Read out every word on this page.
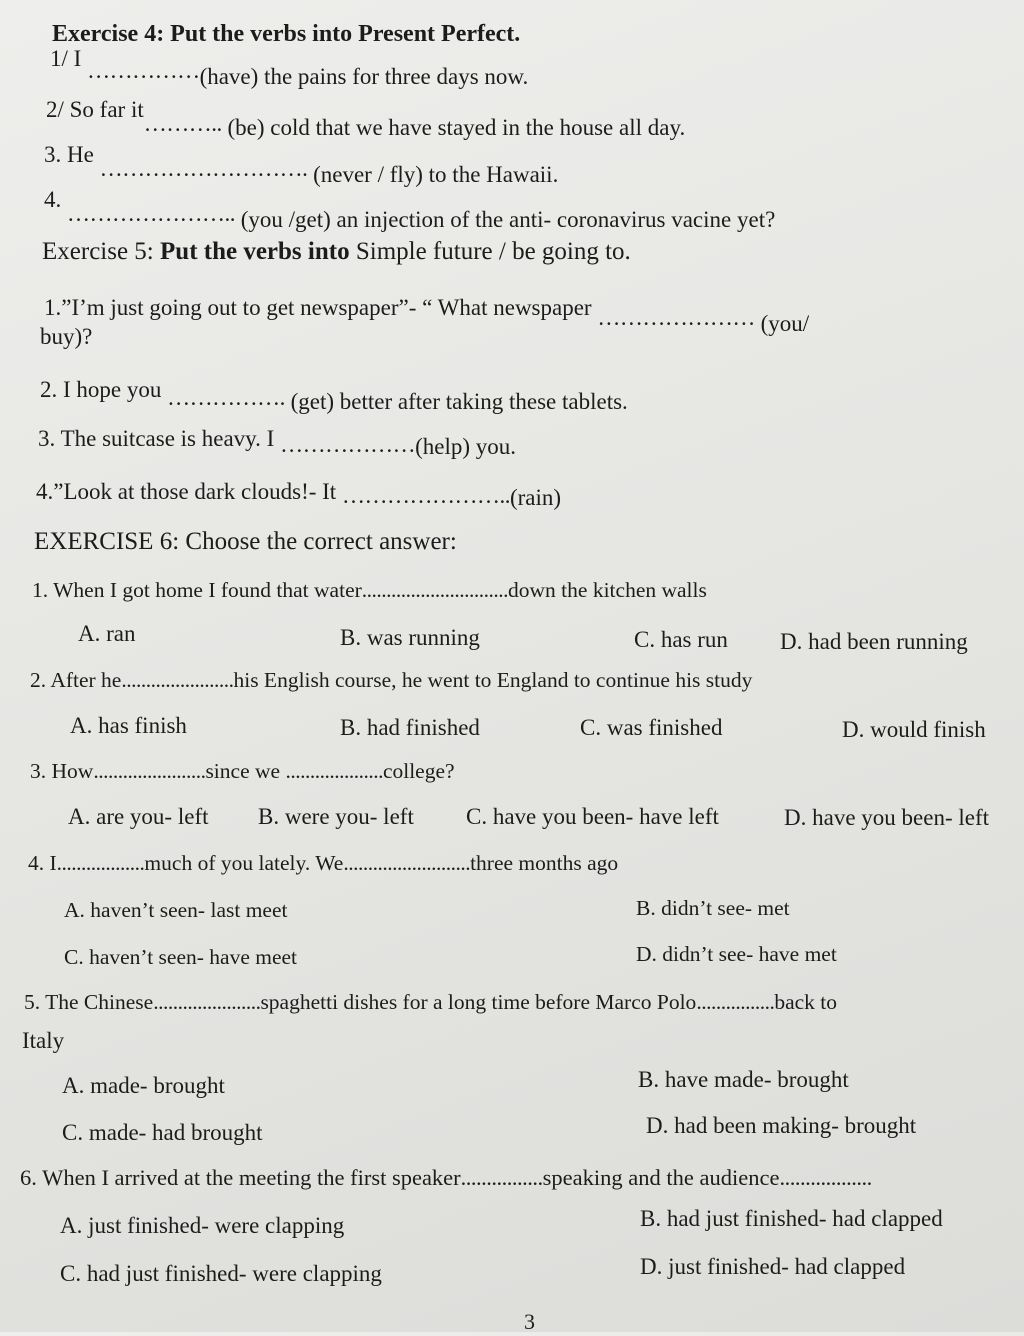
Exercise 4: Put the verbs into Present Perfect.
1/ I ……………(have) the pains for three days now.
2/ So far it……….. (be) cold that we have stayed in the house all day.
3. He ………………………. (never / fly) to the Hawaii.
4. ………………….. (you /get) an injection of the anti- coronavirus vacine yet?
Exercise 5: Put the verbs into Simple future / be going to.
1.”I’m just going out to get newspaper”- “ What newspaper ………………… (you/
buy)?
2. I hope you ……………. (get) better after taking these tablets.
3. The suitcase is heavy. I ………………(help) you.
4.”Look at those dark clouds!- It …………………..(rain)
EXERCISE 6: Choose the correct answer:
1. When I got home I found that water..............................down the kitchen walls
A. ran	B. was running	C. has run D. had been running
2. After he.......................his English course, he went to England to continue his study
A. has finish	B. had finished	C. was finished	D. would finish
3. How.......................since we ....................college?
A. are you- left B. were you- left C. have you been- have left	D. have you been- left
4. I..................much of you lately. We..........................three months ago
A. haven’t seen- last meet	B. didn’t see- met
C. haven’t seen- have meet	D. didn’t see- have met
5. The Chinese......................spaghetti dishes for a long time before Marco Polo................back to
Italy
A. made- brought	B. have made- brought
C. made- had brought	D. had been making- brought
6. When I arrived at the meeting the first speaker................speaking and the audience..................
A. just finished- were clapping	B. had just finished- had clapped
C. had just finished- were clapping	D. just finished- had clapped
3
